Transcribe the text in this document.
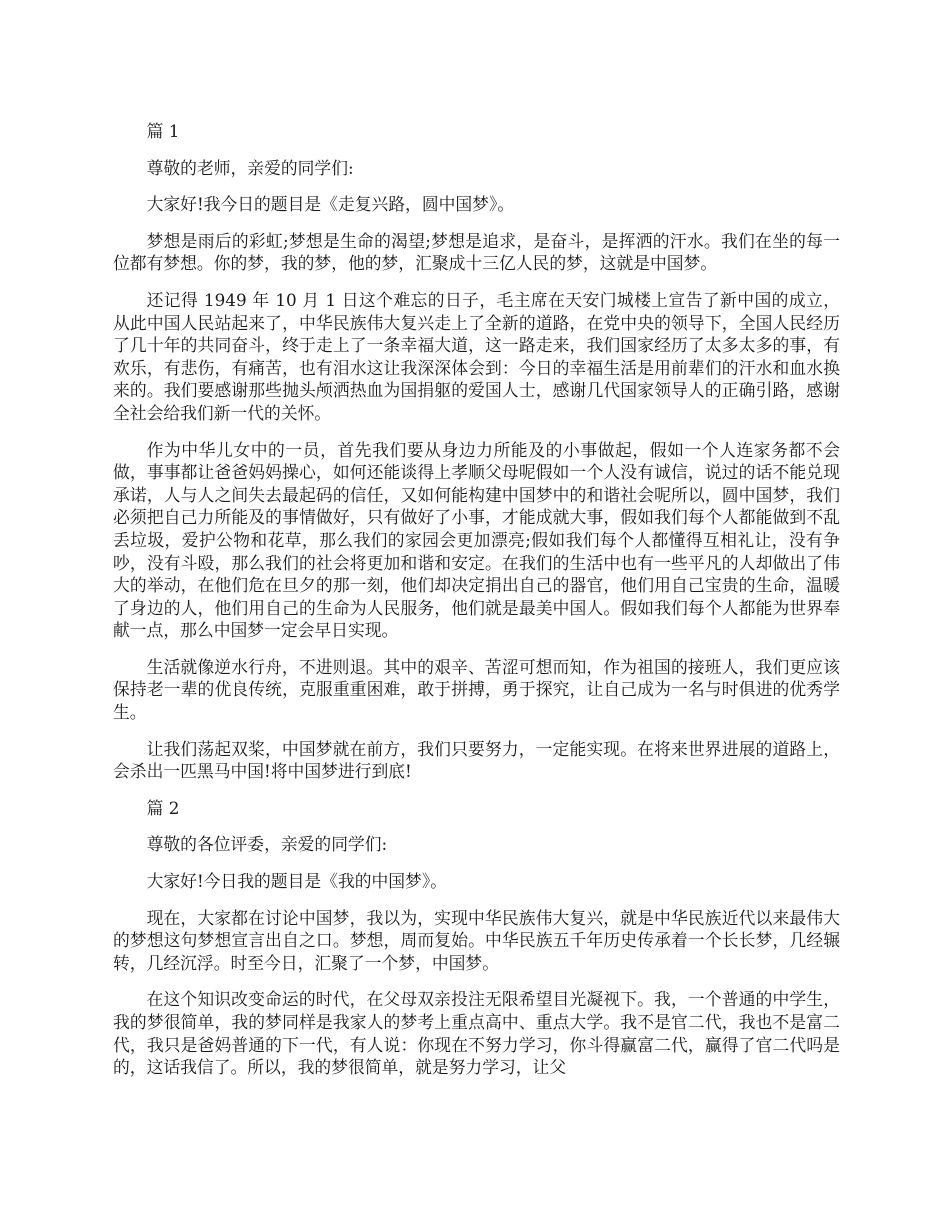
篇 1

尊敬的老师，亲爱的同学们:

大家好!我今日的题目是《走复兴路，圆中国梦》。

梦想是雨后的彩虹;梦想是生命的渴望;梦想是追求，是奋斗，是挥洒的汗水。我们在坐的每一位都有梦想。你的梦，我的梦，他的梦，汇聚成十三亿人民的梦，这就是中国梦。

还记得 1949 年 10 月 1 日这个难忘的日子，毛主席在天安门城楼上宣告了新中国的成立，从此中国人民站起来了，中华民族伟大复兴走上了全新的道路，在党中央的领导下，全国人民经历了几十年的共同奋斗，终于走上了一条幸福大道，这一路走来，我们国家经历了太多太多的事，有欢乐，有悲伤，有痛苦，也有泪水这让我深深体会到：今日的幸福生活是用前辈们的汗水和血水换来的。我们要感谢那些抛头颅洒热血为国捐躯的爱国人士，感谢几代国家领导人的正确引路，感谢全社会给我们新一代的关怀。

作为中华儿女中的一员，首先我们要从身边力所能及的小事做起，假如一个人连家务都不会做，事事都让爸爸妈妈操心，如何还能谈得上孝顺父母呢假如一个人没有诚信，说过的话不能兑现承诺，人与人之间失去最起码的信任，又如何能构建中国梦中的和谐社会呢所以，圆中国梦，我们必须把自己力所能及的事情做好，只有做好了小事，才能成就大事，假如我们每个人都能做到不乱丢垃圾，爱护公物和花草，那么我们的家园会更加漂亮;假如我们每个人都懂得互相礼让，没有争吵，没有斗殴，那么我们的社会将更加和谐和安定。在我们的生活中也有一些平凡的人却做出了伟大的举动，在他们危在旦夕的那一刻，他们却决定捐出自己的器官，他们用自己宝贵的生命，温暖了身边的人，他们用自己的生命为人民服务，他们就是最美中国人。假如我们每个人都能为世界奉献一点，那么中国梦一定会早日实现。

生活就像逆水行舟，不进则退。其中的艰辛、苦涩可想而知，作为祖国的接班人，我们更应该保持老一辈的优良传统，克服重重困难，敢于拼搏，勇于探究，让自己成为一名与时俱进的优秀学生。

让我们荡起双桨，中国梦就在前方，我们只要努力，一定能实现。在将来世界进展的道路上，会杀出一匹黑马中国!将中国梦进行到底!

篇 2

尊敬的各位评委，亲爱的同学们:

大家好!今日我的题目是《我的中国梦》。

现在，大家都在讨论中国梦，我以为，实现中华民族伟大复兴，就是中华民族近代以来最伟大的梦想这句梦想宣言出自之口。梦想，周而复始。中华民族五千年历史传承着一个长长梦，几经辗转，几经沉浮。时至今日，汇聚了一个梦，中国梦。

在这个知识改变命运的时代，在父母双亲投注无限希望目光凝视下。我，一个普通的中学生，我的梦很简单，我的梦同样是我家人的梦考上重点高中、重点大学。我不是官二代，我也不是富二代，我只是爸妈普通的下一代，有人说：你现在不努力学习，你斗得赢富二代，赢得了官二代吗是的，这话我信了。所以，我的梦很简单，就是努力学习，让父
